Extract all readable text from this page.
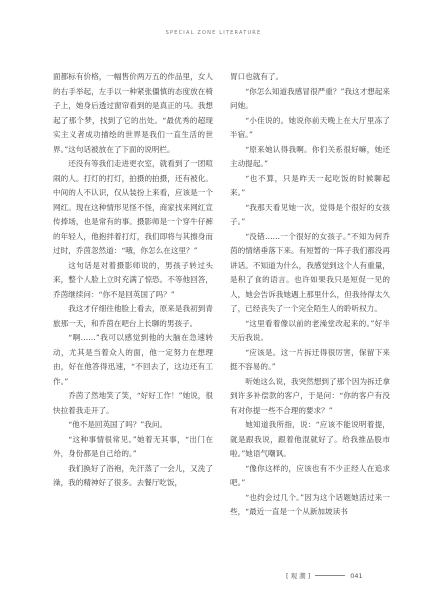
SPECIAL ZONE LITERATURE

面都标有价格，一幅售价两万五的作品里，女人的右手举起，左手以一种紧张僵慎的态度放在椅子上，她身后透过窗帘看到的是真正的马。我想起了那个梦，找到了它的出处。“最优秀的超现实主义者成功描绘的世界是我们一直生活的世界。”这句话被放在了下面的说明栏。

还没有等我们走进更衣室，就看到了一团喧闹的人。打灯的打灯，拍摄的拍摄，还有被化。中间的人不认识，仅从装扮上来看，应该是一个网红。现在这种情形见怪不怪，商家找来网红宣传捧场，也是常有的事。摄影师是一个穿牛仔裤的年轻人，他抱拌着打灯，我们即将与其擦身而过时，乔茵忽然道：“哦，你怎么在这里？”

这句话是对着摄影师说的，男孩子转过头来，整个人脸上立时充满了惊恐。不等他回答，乔茵继续问：“你不是回英国了吗？”

我这才仔细往他脸上看去，原来是我初到青旅那一天，和乔茵在吧台上长聊的男孩子。

“啊……”我可以感觉到他的大脑在急速转动，尤其是当着众人的面，他一定努力在想理由，好在他答得迅速，“不回去了，这边还有工作。”

乔茵了然地笑了笑，“好好工作！”她说，很快拉着我走开了。

“他不是回英国了吗？”我问。

“这种事情很常见。”她着无其事，“出门在外，身份都是自己给的。”

我们换好了浴袍，先汗蒸了一会儿，又洗了澡，我的精神好了很多。去餐厅吃饭，

胃口也就有了。

“你怎么知道我感冒很严重？”我这才想起来问她。

“小佳说的。她说你前天晚上在大厅里冻了半宿。”

“原来她认得我啊。你们关系很好嘛，她还主动提起。”

“也不算，只是昨天一起吃饭的时候聊起来。”

“我那天看见她一次，觉得是个很好的女孩子。”

“没错……一个很好的女孩子。”不知为何乔茵的情绪垂落下来。有短暂的一阵子我们都没再讲话。不知道为什么，我感觉到这个人有重量，是积了食的语言。也许如果我只是短促一见的人，她会告诉我她遇上那里什么，但我待得太久了，已经丧失了一个完全陌生人的聆听权力。

“这里看着像以前的老澡堂改起来的。”好半天后我说。

“应该是。这一片拆迁得很厉害，保留下来挺不容易的。”

听她这么说，我突然想到了那个因为拆迁拿到许多补偿款的客户，于是问：“你的客户有没有对你提一些不合理的要求？”

她知道我所指，说：“应该不能说明着提，就是跟我说，跟着他混就好了。给我推品股市啦。”她语气嘲讽。

“像你这样的，应该也有不少正经人在追求吧。”

“也约会过几个。”因为这个话题她活过来一些，“最近一直是一个从新加坡读书

[ 观 潮 ]	041
